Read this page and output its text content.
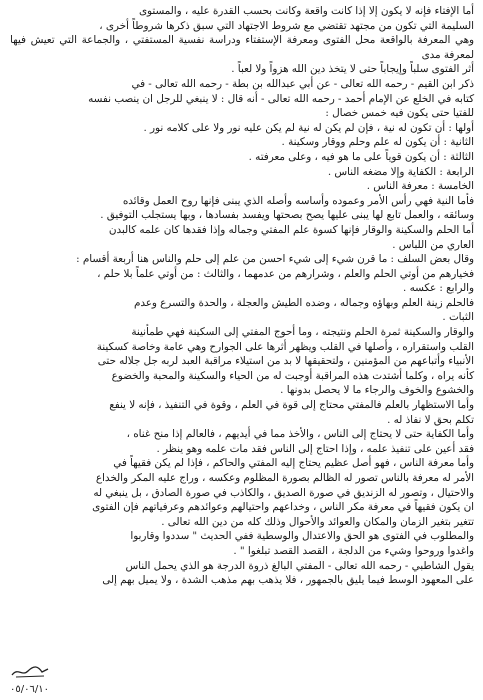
أما الإفتاء فإنه لا يكون إلا إذا كانت واقعة وكانت بحسب القدرة عليه ، والمستوى
السليمة التي تكون من مجتهد تقتضي مع شروط الاجتهاد التي سبق ذكرها شروطاً أخرى ،
وهي المعرفة بالواقعة محل الفتوى ومعرفة الإستفتاء ودراسة نفسية المستفتي ، والجماعة التي تعيش فيها لمعرفة مدى
أثر الفتوى سلباً وإيجاباً حتى لا يتخذ دين الله هزواً ولا لعباً .
ذكر ابن القيم - رحمه الله تعالى - عن أبي عبدالله بن بطة - رحمه الله تعالى - في
كتابه في الخلع عن الإمام أحمد - رحمه الله تعالى - أنه قال : لا ينبغي للرجل ان ينصب نفسه
للفتيا حتى يكون فيه خمس خصال :
أولها : أن تكون له نية ، فإن لم يكن له نية لم يكن عليه نور ولا على كلامه نور .
الثانية : أن يكون له علم وحلم ووقار وسكينة .
الثالثة : أن يكون قوياً على ما هو فيه ، وعلى معرفته .
الرابعة : الكفاية وإلا مضغه الناس .
الخامسة : معرفة الناس .
فأما النية فهي رأس الأمر وعموده وأساسه وأصله الذي يبنى فإنها روح العمل وقائده
وسائقه ، والعمل تابع لها يبنى عليها يصح بصحتها ويفسد بفسادها ، وبها يستجلب التوفيق .
أما الحلم والسكينة والوقار فإنها كسوة علم المفتي وجماله وإذا فقدها كان علمه كالبدن
العاري من اللباس .
وقال بعض السلف : ما قرن شيء إلى شيء احسن من علم إلى حلم والناس هنا أربعة أقسام :
فخيارهم من أوتي الحلم والعلم ، وشرارهم من عدمهما ، والثالث : من أوتي علماً بلا حلم ،
والرابع : عكسه .
فالحلم زينة العلم وبهاؤه وجماله ، وضده الطيش والعجلة ، والحدة والتسرع وعدم
الثبات .
والوقار والسكينة ثمرة الحلم ونتيجته ، وما أحوج المفتي إلى السكينة فهي طمأنينة
القلب واستقراره ، وأصلها في القلب ويظهر أثرها على الجوارح وهي عامة وخاصة كسكينة
الأنبياء وأتباعهم من المؤمنين ، ولتحقيقها لا بد من استيلاء مراقبة العبد لربه جل جلاله حتى
كأنه يراه ، وكلما أشتدت هذه المراقبة أوجبت له من الحياء والسكينة والمحبة والخضوع
والخشوع والخوف والرجاء ما لا يحصل بدونها .
وأما الاستظهار بالعلم فالمفتي محتاج إلى قوة في العلم ، وقوة في التنفيذ ، فإنه لا ينفع
تكلم بحق لا نفاذ له .
وأما الكفاية حتى لا يحتاج إلى الناس ، والأخذ مما في أيديهم ، فالعالم إذا منح غناه ،
فقد أعين على تنفيذ علمه ، وإذا احتاج إلى الناس فقد مات علمه وهو ينظر .
وأما معرفة الناس ، فهو أصل عظيم يحتاج إليه المفتي والحاكم ، فإذا لم يكن فقيهاً في
الأمر له معرفة بالناس تصور له الظالم بصورة المظلوم وعكسه ، وراج عليه المكر والخداع
والاحتيال ، وتصور له الزنديق في صورة الصديق ، والكاذب في صورة الصادق ، بل ينبغي له
ان يكون فقيهاً في معرفة مكر الناس ، وخداعهم واحتيالهم وعوائدهم وعرفياتهم فإن الفتوى
تتغير بتغير الزمان والمكان والعوائد والأحوال وذلك كله من دين الله تعالى .
والمطلوب في الفتوى هو الحق والاعتدال والوسطية ففي الحديث " سددوا وقاربوا
واغدوا وروحوا وشيء من الدلجة ، القصد القصد تبلغوا " .
يقول الشاطبي - رحمه الله تعالى - المفتي البالغ ذروة الدرجة هو الذي يحمل الناس
على المعهود الوسط فيما يليق بالجمهور ، فلا يذهب بهم مذهب الشدة ، ولا يميل بهم إلى
٠٥/٠٦/١٠
